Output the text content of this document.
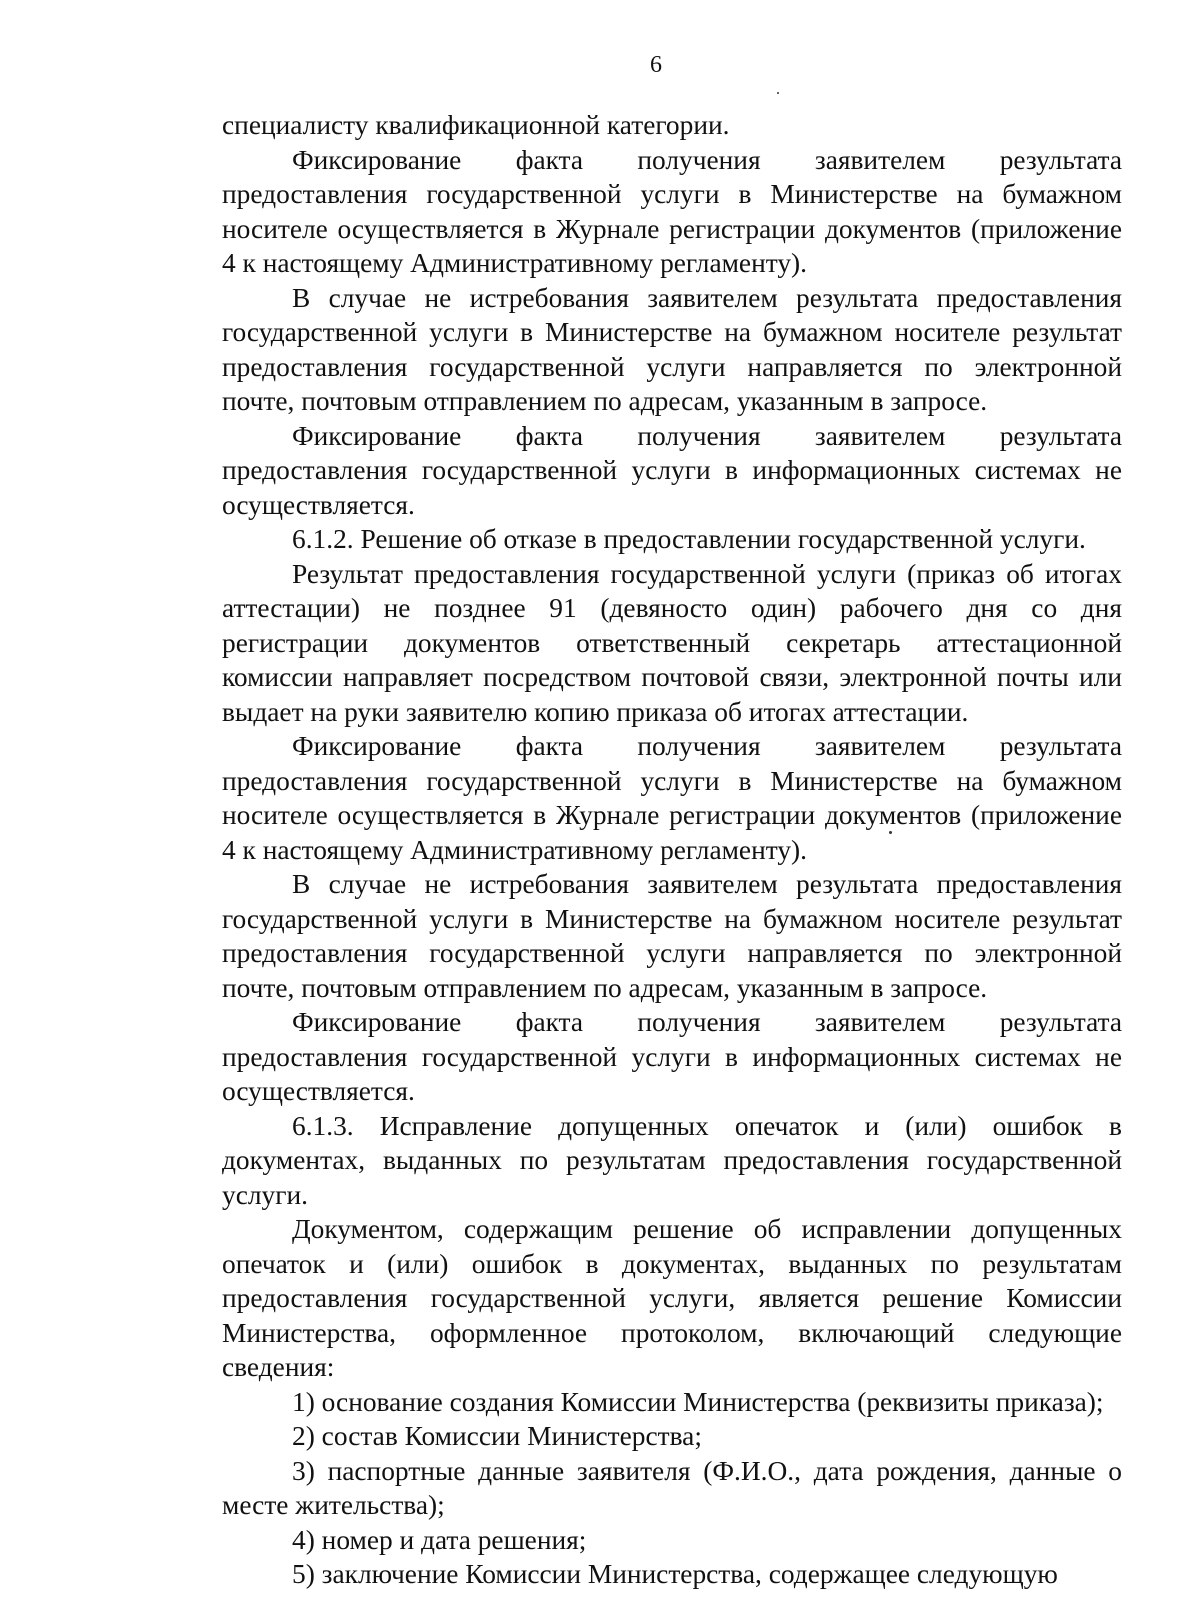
6

специалисту квалификационной категории.

Фиксирование факта получения заявителем результата предоставления государственной услуги в Министерстве на бумажном носителе осуществляется в Журнале регистрации документов (приложение 4 к настоящему Административному регламенту).

В случае не истребования заявителем результата предоставления государственной услуги в Министерстве на бумажном носителе результат предоставления государственной услуги направляется по электронной почте, почтовым отправлением по адресам, указанным в запросе.

Фиксирование факта получения заявителем результата предоставления государственной услуги в информационных системах не осуществляется.

6.1.2. Решение об отказе в предоставлении государственной услуги.

Результат предоставления государственной услуги (приказ об итогах аттестации) не позднее 91 (девяносто один) рабочего дня со дня регистрации документов ответственный секретарь аттестационной комиссии направляет посредством почтовой связи, электронной почты или выдает на руки заявителю копию приказа об итогах аттестации.

Фиксирование факта получения заявителем результата предоставления государственной услуги в Министерстве на бумажном носителе осуществляется в Журнале регистрации документов (приложение 4 к настоящему Административному регламенту).

В случае не истребования заявителем результата предоставления государственной услуги в Министерстве на бумажном носителе результат предоставления государственной услуги направляется по электронной почте, почтовым отправлением по адресам, указанным в запросе.

Фиксирование факта получения заявителем результата предоставления государственной услуги в информационных системах не осуществляется.

6.1.3. Исправление допущенных опечаток и (или) ошибок в документах, выданных по результатам предоставления государственной услуги.

Документом, содержащим решение об исправлении допущенных опечаток и (или) ошибок в документах, выданных по результатам предоставления государственной услуги, является решение Комиссии Министерства, оформленное протоколом, включающий следующие сведения:

1) основание создания Комиссии Министерства (реквизиты приказа);

2) состав Комиссии Министерства;

3) паспортные данные заявителя (Ф.И.О., дата рождения, данные о месте жительства);

4) номер и дата решения;

5) заключение Комиссии Министерства, содержащее следующую
